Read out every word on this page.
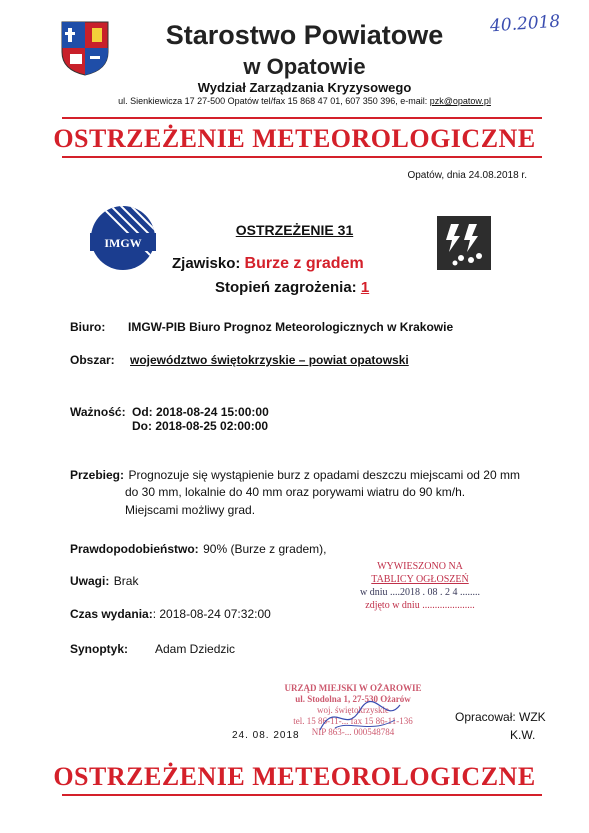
Starostwo Powiatowe
w Opatowie
Wydział Zarządzania Kryzysowego
ul. Sienkiewicza 17 27-500 Opatów tel/fax 15 868 47 01, 607 350 396, e-mail: pzk@opatow.pl
40.2018
OSTRZEŻENIE METEOROLOGICZNE
Opatów, dnia 24.08.2018 r.
IMGW
OSTRZEŻENIE 31
Zjawisko: Burze z gradem
Stopień zagrożenia: 1
Biuro: IMGW-PIB Biuro Prognoz Meteorologicznych w Krakowie
Obszar: województwo świętokrzyskie – powiat opatowski
Ważność: Od: 2018-08-24 15:00:00
Do: 2018-08-25 02:00:00
Przebieg: Prognozuje się wystąpienie burz z opadami deszczu miejscami od 20 mm
do 30 mm, lokalnie do 40 mm oraz porywami wiatru do 90 km/h.
Miejscami możliwy grad.
Prawdopodobieństwo: 90% (Burze z gradem),
Uwagi: Brak
Czas wydania:: 2018-08-24 07:32:00
Synoptyk: Adam Dziedzic
WYWIESZONO NA
TABLICY OGŁOSZEŃ
w dniu ....2018 . 08 . 2 4 ........
zdjęto w dniu .....................
URZĄD MIEJSKI W OŻAROWIE
ul. Stodolna 1, 27-530 Ożarów
woj. świętokrzyskie
tel. 15 86-11-... fax 15 86-11-136
NIP 863-... 000548784
24. 08. 2018
Opracował: WZK
K.W.
OSTRZEŻENIE METEOROLOGICZNE
